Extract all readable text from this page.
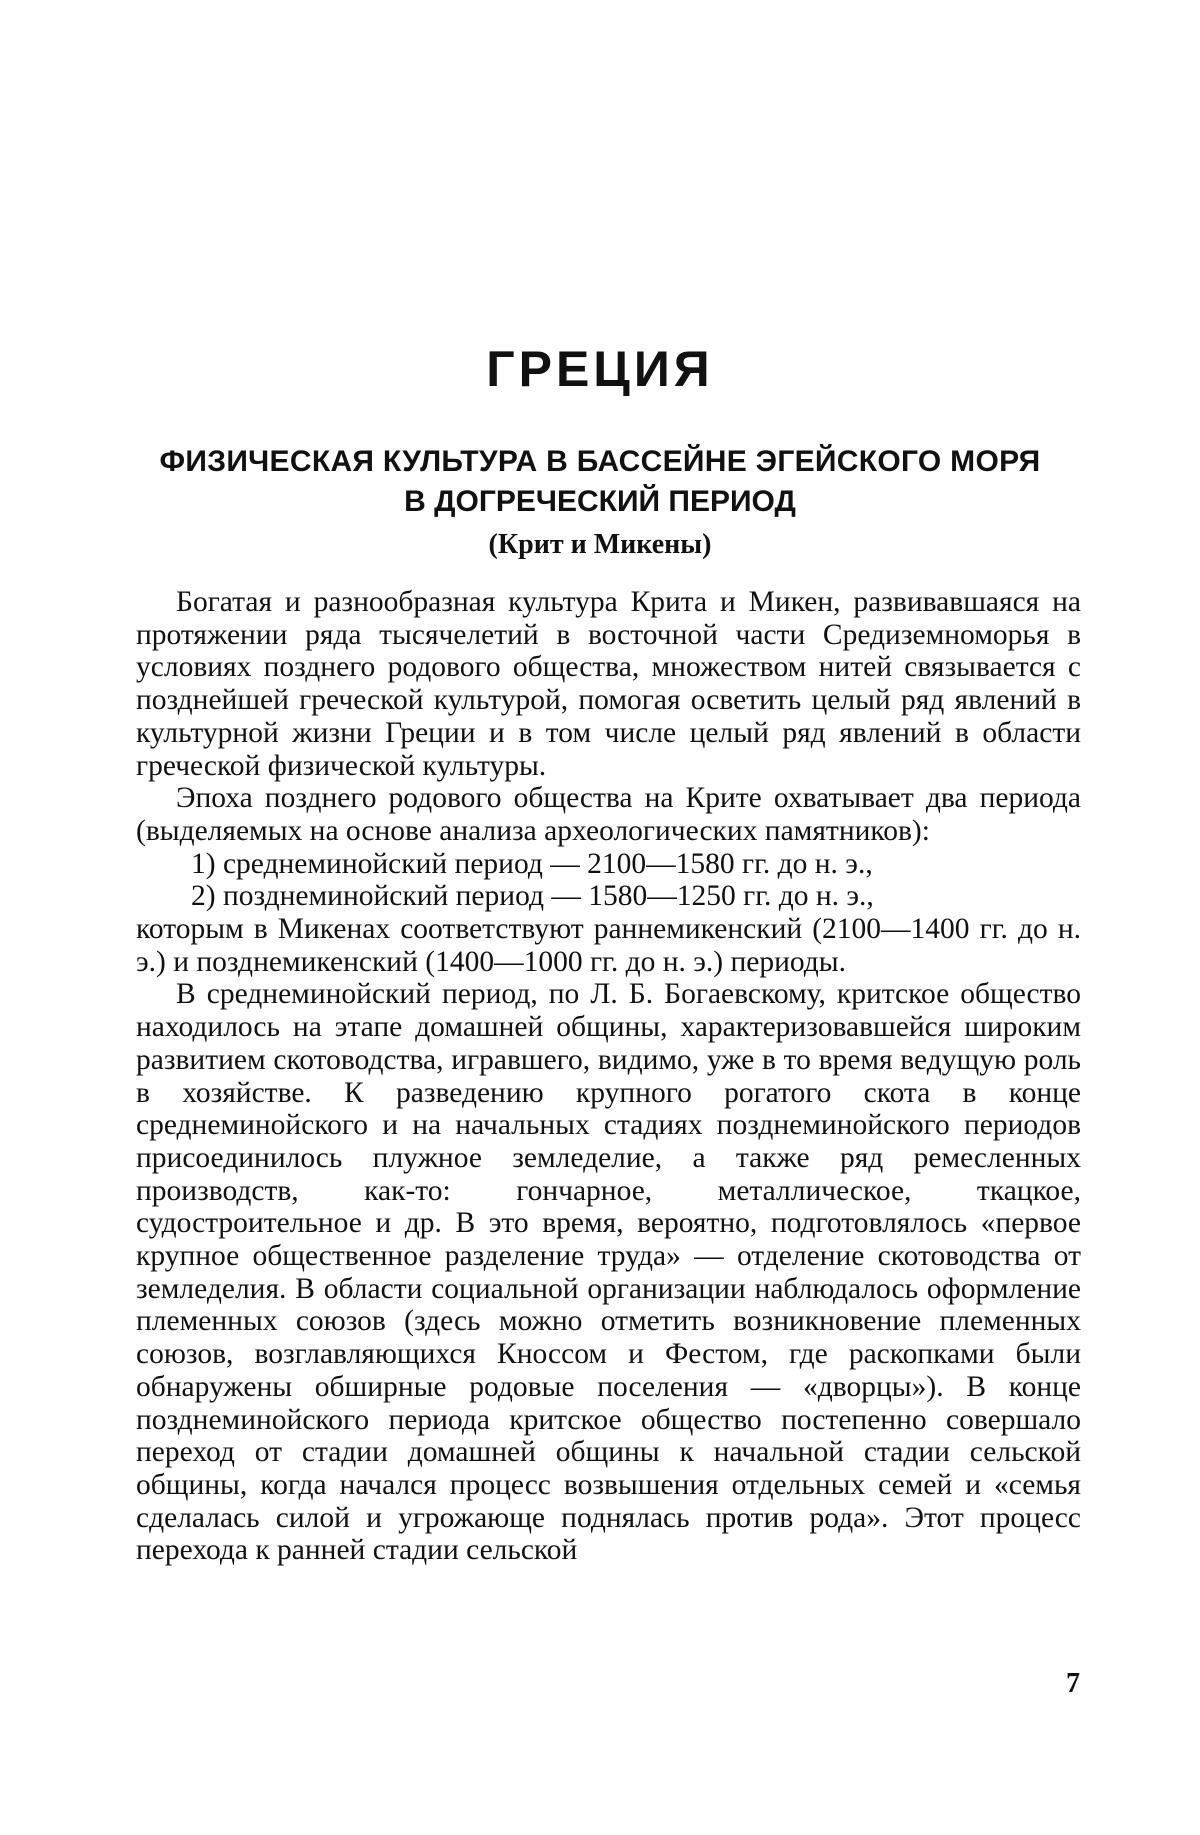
ГРЕЦИЯ
ФИЗИЧЕСКАЯ КУЛЬТУРА В БАССЕЙНЕ ЭГЕЙСКОГО МОРЯ
В ДОГРЕЧЕСКИЙ ПЕРИОД
(Крит и Микены)

Богатая и разнообразная культура Крита и Микен, развивавшаяся на протяжении ряда тысячелетий в восточной части Средиземноморья в условиях позднего родового общества, множеством нитей связывается с позднейшей греческой культурой, помогая осветить целый ряд явлений в культурной жизни Греции и в том числе целый ряд явлений в области греческой физической культуры.

Эпоха позднего родового общества на Крите охватывает два периода (выделяемых на основе анализа археологических памятников):

1) среднеминойский период — 2100—1580 гг. до н. э.,

2) позднеминойский период — 1580—1250 гг. до н. э.,

которым в Микенах соответствуют раннемикенский (2100—1400 гг. до н. э.) и позднемикенский (1400—1000 гг. до н. э.) периоды.

В среднеминойский период, по Л. Б. Богаевскому, критское общество находилось на этапе домашней общины, характеризовавшейся широким развитием скотоводства, игравшего, видимо, уже в то время ведущую роль в хозяйстве. К разведению крупного рогатого скота в конце среднеминойского и на начальных стадиях позднеминойского периодов присоединилось плужное земледелие, а также ряд ремесленных производств, как-то: гончарное, металлическое, ткацкое, судостроительное и др. В это время, вероятно, подготовлялось «первое крупное общественное разделение труда» — отделение скотоводства от земледелия. В области социальной организации наблюдалось оформление племенных союзов (здесь можно отметить возникновение племенных союзов, возглавляющихся Кноссом и Фестом, где раскопками были обнаружены обширные родовые поселения — «дворцы»). В конце позднеминойского периода критское общество постепенно совершало переход от стадии домашней общины к начальной стадии сельской общины, когда начался процесс возвышения отдельных семей и «семья сделалась силой и угрожающе поднялась против рода». Этот процесс перехода к ранней стадии сельской

7
